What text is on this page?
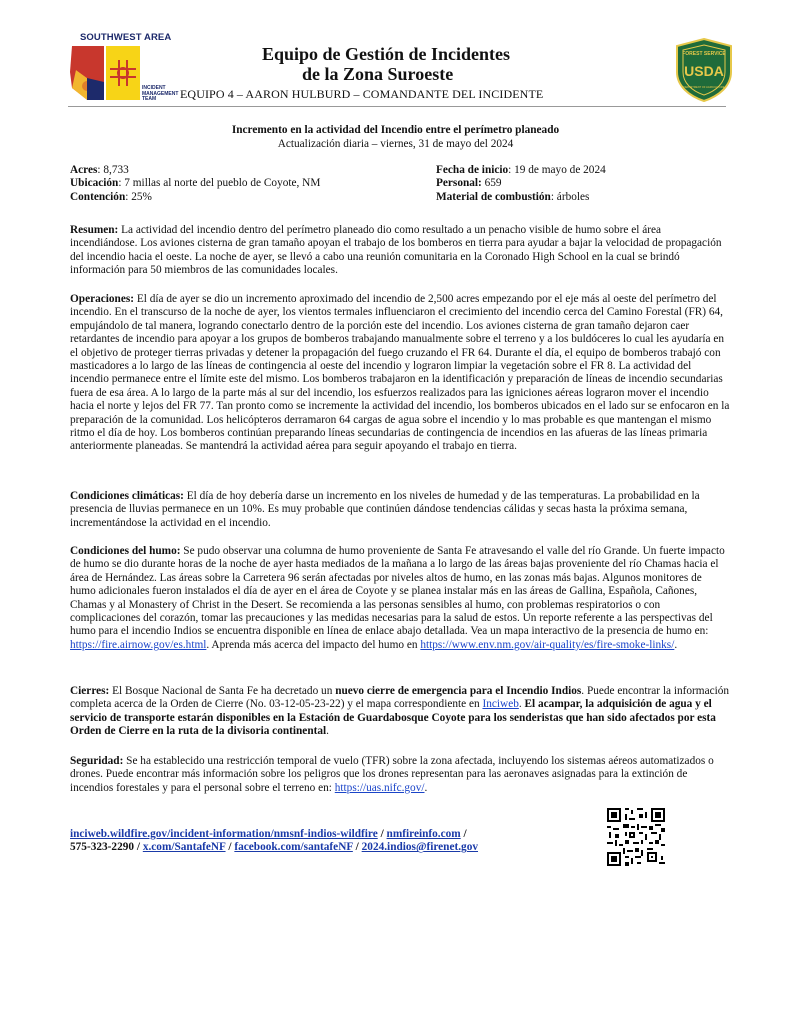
SOUTHWEST AREA
INCIDENT MANAGEMENT TEAM
Equipo de Gestión de Incidentes
de la Zona Suroeste
EQUIPO 4 – AARON HULBURD – COMANDANTE DEL INCIDENTE
FOREST SERVICE
USDA
DEPARTMENT OF AGRICULTURE
Incremento en la actividad del Incendio entre el perímetro planeado
Actualización diaria – viernes, 31 de mayo del 2024
Acres: 8,733
Ubicación: 7 millas al norte del pueblo de Coyote, NM
Contención: 25%
Fecha de inicio: 19 de mayo de 2024
Personal: 659
Material de combustión: árboles
Resumen: La actividad del incendio dentro del perímetro planeado dio como resultado a un penacho visible de humo sobre el área incendiándose. Los aviones cisterna de gran tamaño apoyan el trabajo de los bomberos en tierra para ayudar a bajar la velocidad de propagación del incendio hacia el oeste. La noche de ayer, se llevó a cabo una reunión comunitaria en la Coronado High School en la cual se brindó información para 50 miembros de las comunidades locales.
Operaciones: El día de ayer se dio un incremento aproximado del incendio de 2,500 acres empezando por el eje más al oeste del perímetro del incendio. En el transcurso de la noche de ayer, los vientos termales influenciaron el crecimiento del incendio cerca del Camino Forestal (FR) 64, empujándolo de tal manera, logrando conectarlo dentro de la porción este del incendio. Los aviones cisterna de gran tamaño dejaron caer retardantes de incendio para apoyar a los grupos de bomberos trabajando manualmente sobre el terreno y a los buldóceres lo cual les ayudaría en el objetivo de proteger tierras privadas y detener la propagación del fuego cruzando el FR 64. Durante el día, el equipo de bomberos trabajó con masticadores a lo largo de las líneas de contingencia al oeste del incendio y lograron limpiar la vegetación sobre el FR 8. La actividad del incendio permanece entre el límite este del mismo. Los bomberos trabajaron en la identificación y preparación de líneas de incendio secundarias fuera de esa área. A lo largo de la parte más al sur del incendio, los esfuerzos realizados para las igniciones aéreas lograron mover el incendio hacia el norte y lejos del FR 77. Tan pronto como se incremente la actividad del incendio, los bomberos ubicados en el lado sur se enfocaron en la preparación de la comunidad. Los helicópteros derramaron 64 cargas de agua sobre el incendio y lo mas probable es que mantengan el mismo ritmo el día de hoy. Los bomberos continúan preparando líneas secundarias de contingencia de incendios en las afueras de las líneas primaria anteriormente planeadas. Se mantendrá la actividad aérea para seguir apoyando el trabajo en tierra.
Condiciones climáticas: El día de hoy debería darse un incremento en los niveles de humedad y de las temperaturas. La probabilidad en la presencia de lluvias permanece en un 10%. Es muy probable que continúen dándose tendencias cálidas y secas hasta la próxima semana, incrementándose la actividad en el incendio.
Condiciones del humo: Se pudo observar una columna de humo proveniente de Santa Fe atravesando el valle del río Grande. Un fuerte impacto de humo se dio durante horas de la noche de ayer hasta mediados de la mañana a lo largo de las áreas bajas proveniente del río Chamas hacia el área de Hernández. Las áreas sobre la Carretera 96 serán afectadas por niveles altos de humo, en las zonas más bajas. Algunos monitores de humo adicionales fueron instalados el día de ayer en el área de Coyote y se planea instalar más en las áreas de Gallina, Española, Cañones, Chamas y al Monastery of Christ in the Desert. Se recomienda a las personas sensibles al humo, con problemas respiratorios o con complicaciones del corazón, tomar las precauciones y las medidas necesarias para la salud de estos. Un reporte referente a las perspectivas del humo para el incendio Indios se encuentra disponible en línea de enlace abajo detallada. Vea un mapa interactivo de la presencia de humo en: https://fire.airnow.gov/es.html. Aprenda más acerca del impacto del humo en https://www.env.nm.gov/air-quality/es/fire-smoke-links/.
Cierres: El Bosque Nacional de Santa Fe ha decretado un nuevo cierre de emergencia para el Incendio Indios. Puede encontrar la información completa acerca de la Orden de Cierre (No. 03-12-05-23-22) y el mapa correspondiente en Inciweb. El acampar, la adquisición de agua y el servicio de transporte estarán disponibles en la Estación de Guardabosque Coyote para los senderistas que han sido afectados por esta Orden de Cierre en la ruta de la divisoria continental.
Seguridad: Se ha establecido una restricción temporal de vuelo (TFR) sobre la zona afectada, incluyendo los sistemas aéreos automatizados o drones. Puede encontrar más información sobre los peligros que los drones representan para las aeronaves asignadas para la extinción de incendios forestales y para el personal sobre el terreno en: https://uas.nifc.gov/.
inciweb.wildfire.gov/incident-information/nmsnf-indios-wildfire / nmfireinfo.com /
575-323-2290 / x.com/SantafeNF / facebook.com/santafeNF / 2024.indios@firenet.gov
